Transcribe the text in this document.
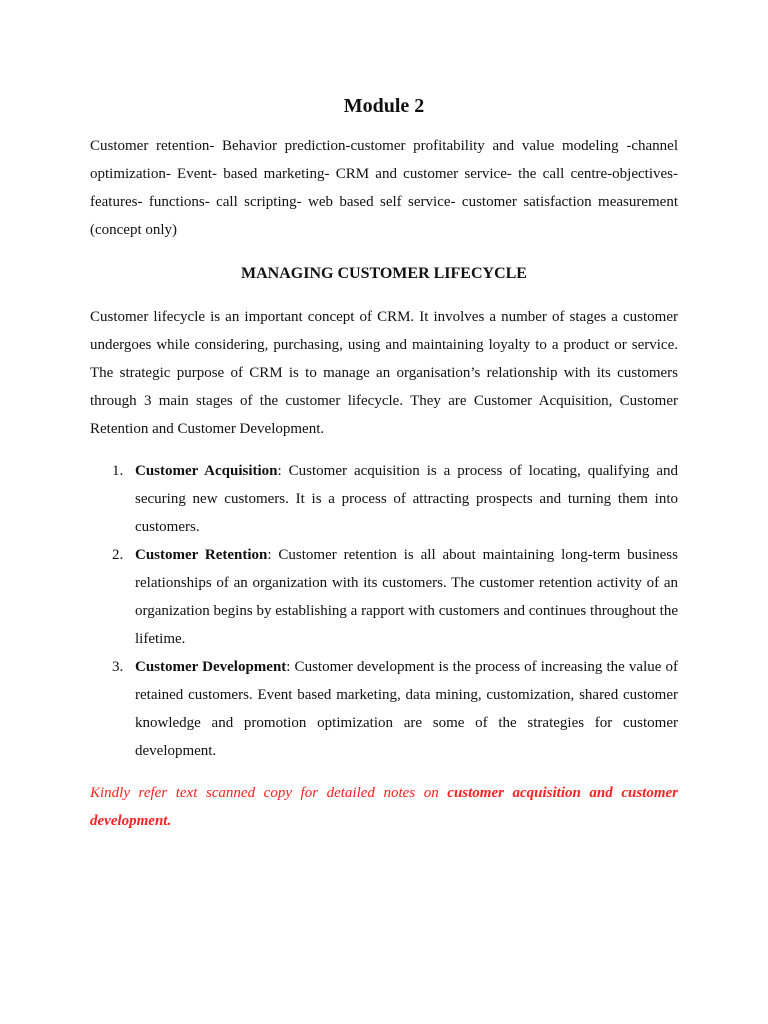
Module 2

Customer retention- Behavior prediction-customer profitability and value modeling -channel optimization- Event- based marketing- CRM and customer service- the call centre-objectives-features- functions- call scripting- web based self service- customer satisfaction measurement (concept only)

MANAGING CUSTOMER LIFECYCLE

Customer lifecycle is an important concept of CRM. It involves a number of stages a customer undergoes while considering, purchasing, using and maintaining loyalty to a product or service. The strategic purpose of CRM is to manage an organisation’s relationship with its customers through 3 main stages of the customer lifecycle. They are Customer Acquisition, Customer Retention and Customer Development.

1. Customer Acquisition: Customer acquisition is a process of locating, qualifying and securing new customers. It is a process of attracting prospects and turning them into customers.
2. Customer Retention: Customer retention is all about maintaining long-term business relationships of an organization with its customers. The customer retention activity of an organization begins by establishing a rapport with customers and continues throughout the lifetime.
3. Customer Development: Customer development is the process of increasing the value of retained customers. Event based marketing, data mining, customization, shared customer knowledge and promotion optimization are some of the strategies for customer development.

Kindly refer text scanned copy for detailed notes on customer acquisition and customer development.
